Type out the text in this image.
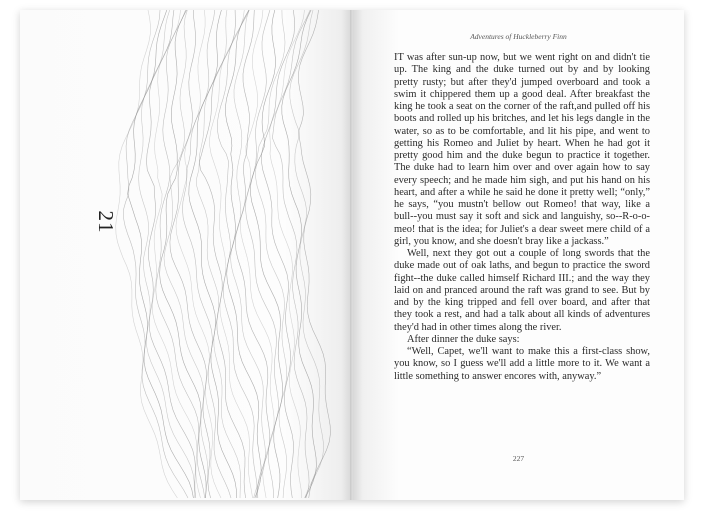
21
Adventures of Huckleberry Finn

IT was after sun-up now, but we went right on and didn't tie up. The king and the duke turned out by and by looking pretty rusty; but after they'd jumped overboard and took a swim it chippered them up a good deal. After breakfast the king he took a seat on the corner of the raft,and pulled off his boots and rolled up his britches, and let his legs dangle in the water, so as to be comfortable, and lit his pipe, and went to getting his Romeo and Juliet by heart. When he had got it pretty good him and the duke begun to practice it together. The duke had to learn him over and over again how to say every speech; and he made him sigh, and put his hand on his heart, and after a while he said he done it pretty well; “only,” he says, “you mustn't bellow out Romeo! that way, like a bull--you must say it soft and sick and languishy, so--R-o-o-meo! that is the idea; for Juliet's a dear sweet mere child of a girl, you know, and she doesn't bray like a jackass.”

Well, next they got out a couple of long swords that the duke made out of oak laths, and begun to practice the sword fight--the duke called himself Richard III.; and the way they laid on and pranced around the raft was grand to see. But by and by the king tripped and fell over board, and after that they took a rest, and had a talk about all kinds of adventures they'd had in other times along the river.

After dinner the duke says:

“Well, Capet, we'll want to make this a first-class show, you know, so I guess we'll add a little more to it. We want a little something to answer encores with, anyway.”

227
